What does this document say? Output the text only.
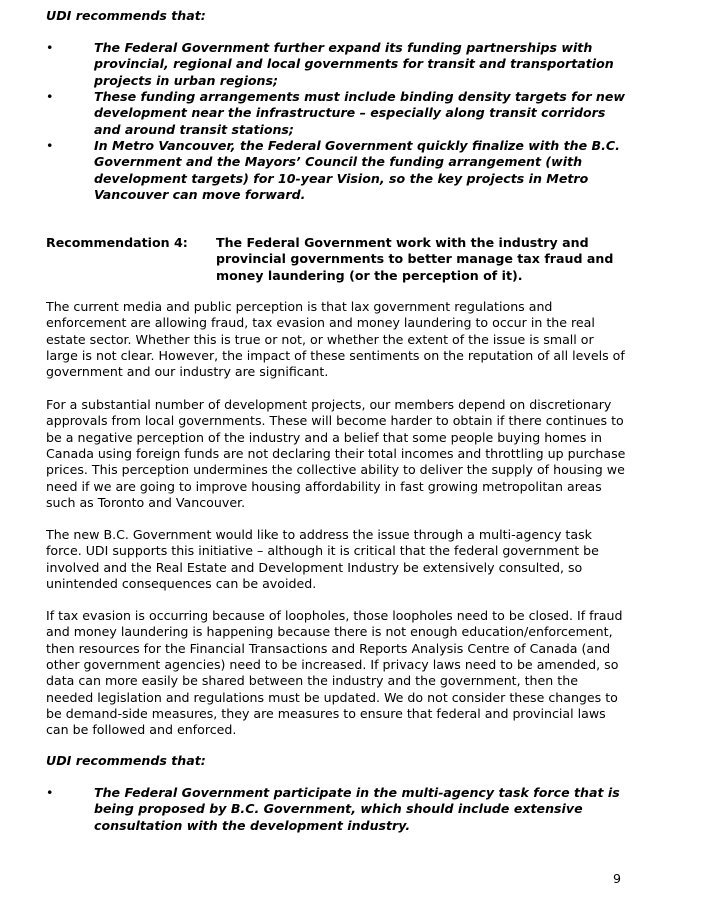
UDI recommends that:
•	The Federal Government further expand its funding partnerships with provincial, regional and local governments for transit and transportation projects in urban regions;
•	These funding arrangements must include binding density targets for new development near the infrastructure – especially along transit corridors and around transit stations;
•	In Metro Vancouver, the Federal Government quickly finalize with the B.C. Government and the Mayors’ Council the funding arrangement (with development targets) for 10-year Vision, so the key projects in Metro Vancouver can move forward.
Recommendation 4: The Federal Government work with the industry and provincial governments to better manage tax fraud and money laundering (or the perception of it).

The current media and public perception is that lax government regulations and enforcement are allowing fraud, tax evasion and money laundering to occur in the real estate sector. Whether this is true or not, or whether the extent of the issue is small or large is not clear. However, the impact of these sentiments on the reputation of all levels of government and our industry are significant.

For a substantial number of development projects, our members depend on discretionary approvals from local governments. These will become harder to obtain if there continues to be a negative perception of the industry and a belief that some people buying homes in Canada using foreign funds are not declaring their total incomes and throttling up purchase prices. This perception undermines the collective ability to deliver the supply of housing we need if we are going to improve housing affordability in fast growing metropolitan areas such as Toronto and Vancouver.

The new B.C. Government would like to address the issue through a multi-agency task force. UDI supports this initiative – although it is critical that the federal government be involved and the Real Estate and Development Industry be extensively consulted, so unintended consequences can be avoided.

If tax evasion is occurring because of loopholes, those loopholes need to be closed. If fraud and money laundering is happening because there is not enough education/enforcement, then resources for the Financial Transactions and Reports Analysis Centre of Canada (and other government agencies) need to be increased. If privacy laws need to be amended, so data can more easily be shared between the industry and the government, then the needed legislation and regulations must be updated. We do not consider these changes to be demand-side measures, they are measures to ensure that federal and provincial laws can be followed and enforced.

UDI recommends that:
•	The Federal Government participate in the multi-agency task force that is being proposed by B.C. Government, which should include extensive consultation with the development industry.
9
